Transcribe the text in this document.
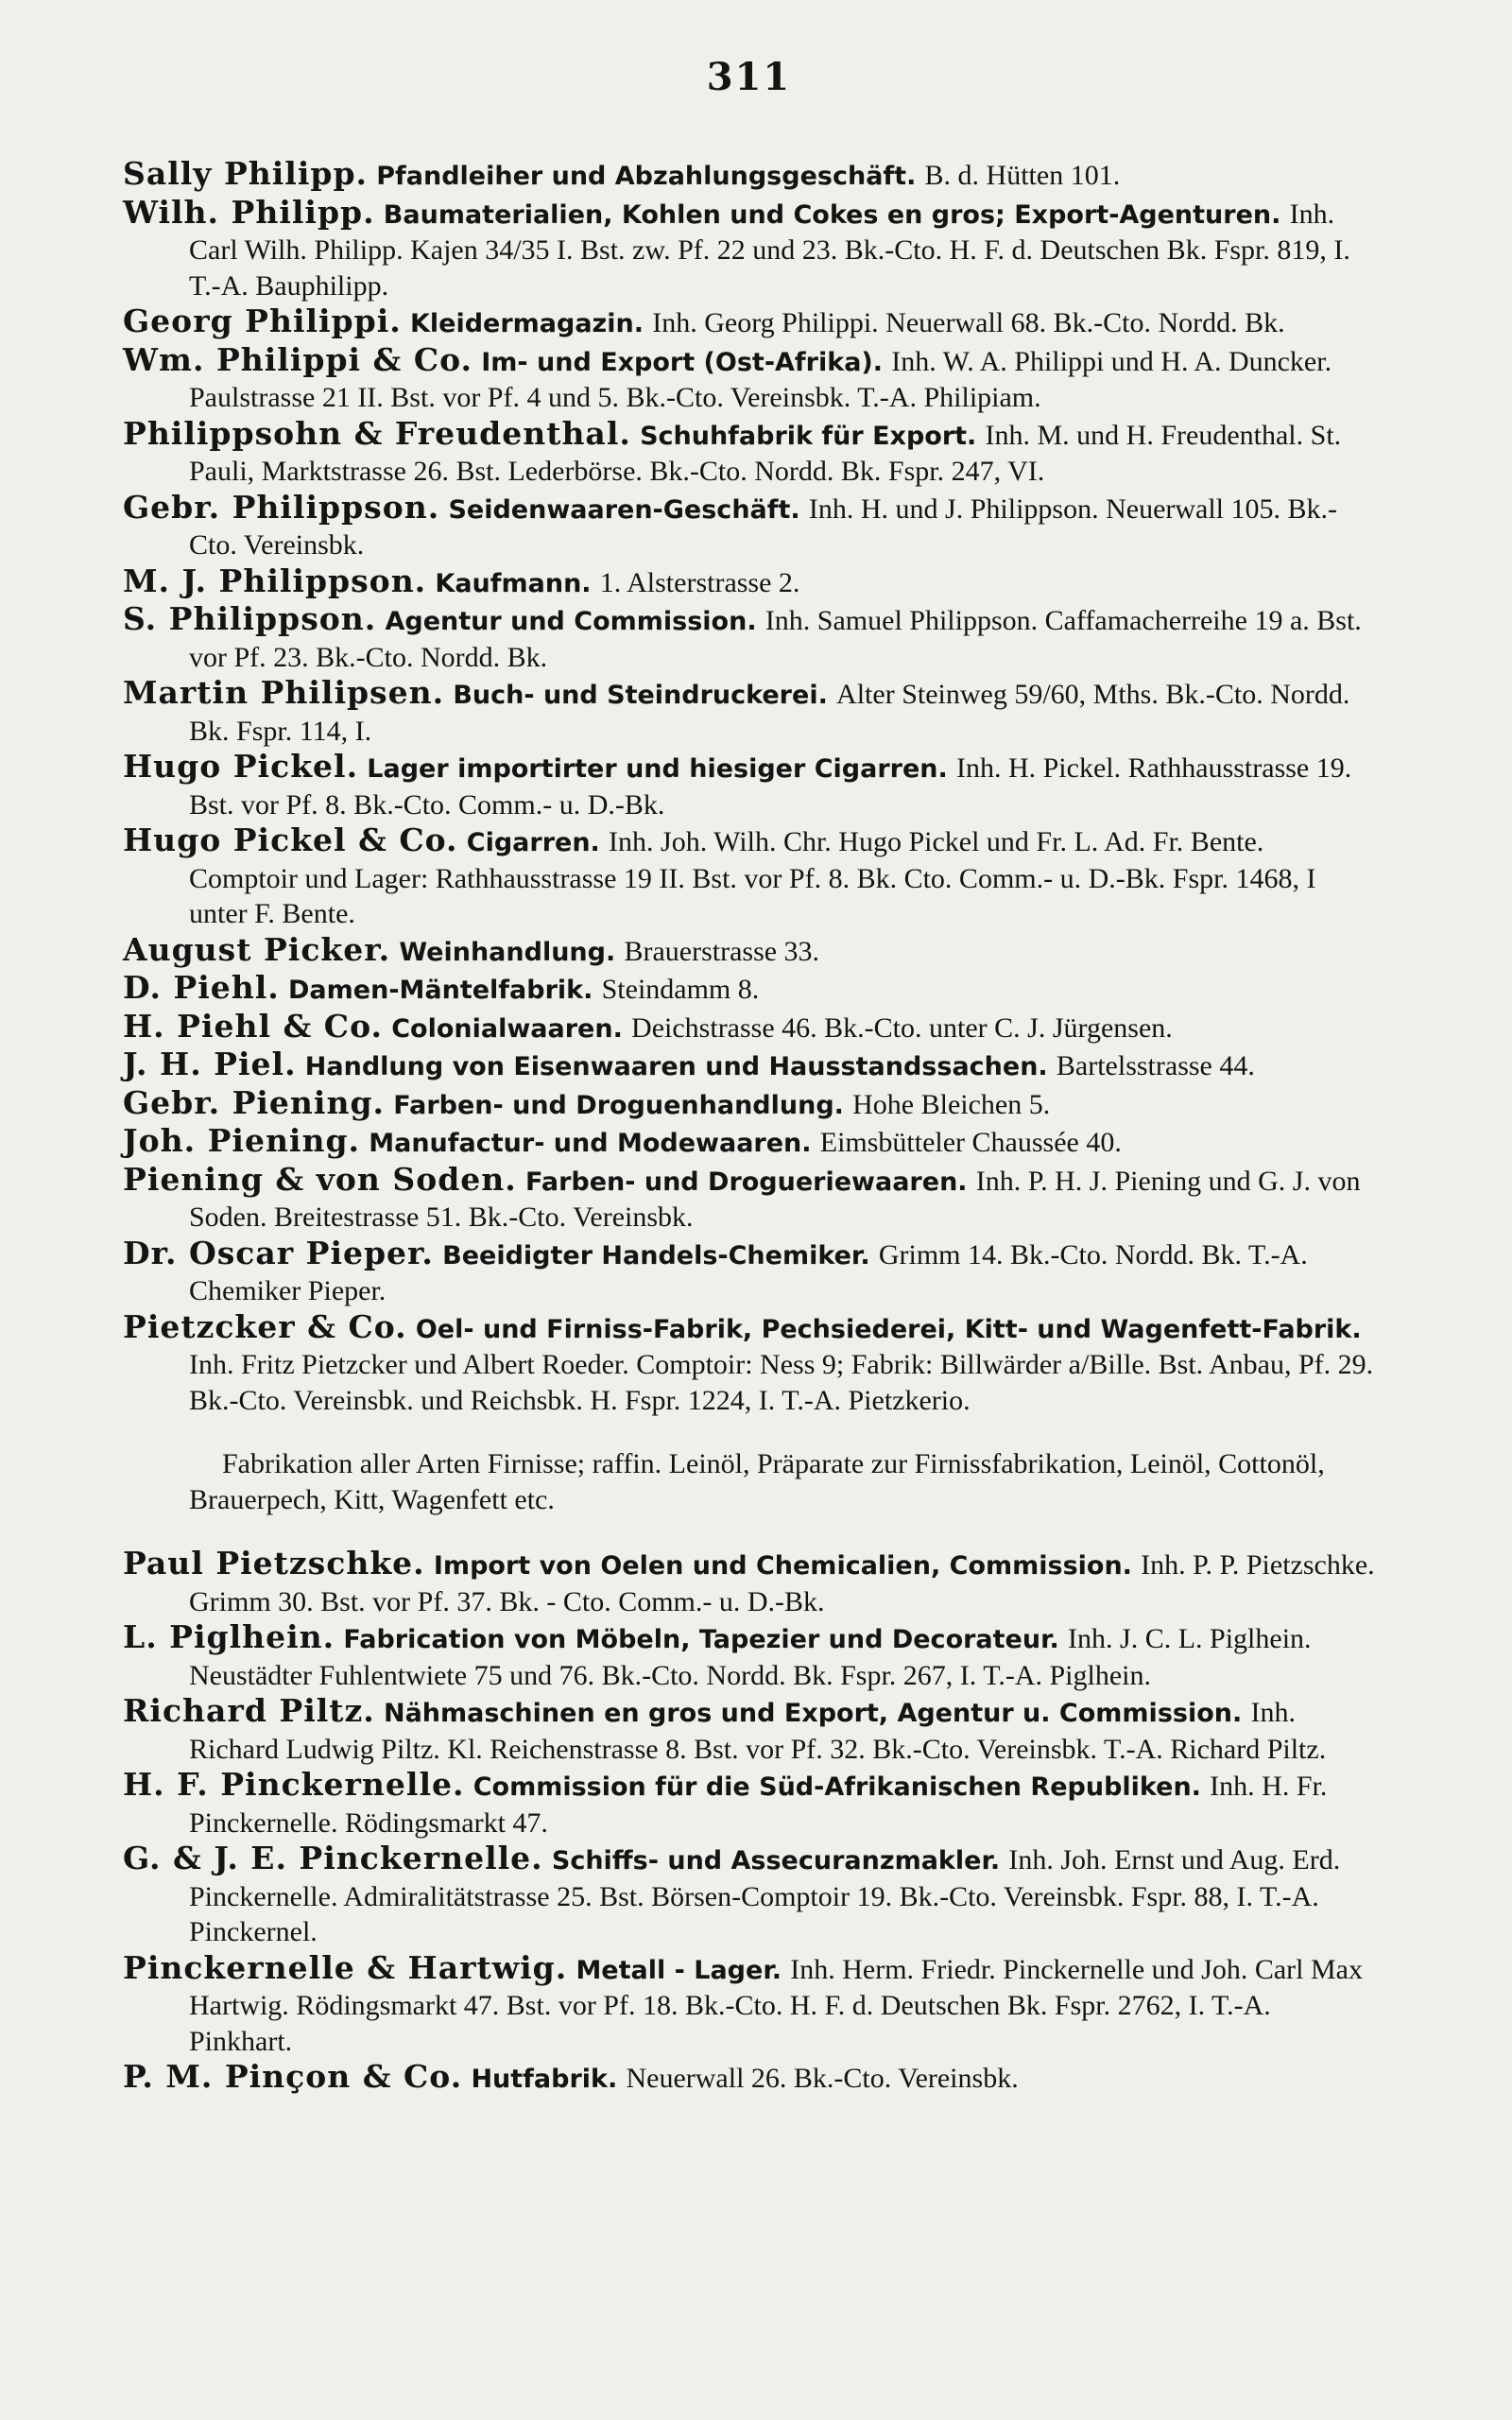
311

Sally Philipp. Pfandleiher und Abzahlungsgeschäft. B. d. Hütten 101.

Wilh. Philipp. Baumaterialien, Kohlen und Cokes en gros; Export-Agenturen. Inh. Carl Wilh. Philipp. Kajen 34/35 I. Bst. zw. Pf. 22 und 23. Bk.-Cto. H. F. d. Deutschen Bk. Fspr. 819, I. T.-A. Bauphilipp.

Georg Philippi. Kleidermagazin. Inh. Georg Philippi. Neuerwall 68. Bk.-Cto. Nordd. Bk.

Wm. Philippi & Co. Im- und Export (Ost-Afrika). Inh. W. A. Philippi und H. A. Duncker. Paulstrasse 21 II. Bst. vor Pf. 4 und 5. Bk.-Cto. Vereinsbk. T.-A. Philipiam.

Philippsohn & Freudenthal. Schuhfabrik für Export. Inh. M. und H. Freudenthal. St. Pauli, Marktstrasse 26. Bst. Lederbörse. Bk.-Cto. Nordd. Bk. Fspr. 247, VI.

Gebr. Philippson. Seidenwaaren-Geschäft. Inh. H. und J. Philippson. Neuerwall 105. Bk.-Cto. Vereinsbk.

M. J. Philippson. Kaufmann. 1. Alsterstrasse 2.

S. Philippson. Agentur und Commission. Inh. Samuel Philippson. Caffamacherreihe 19 a. Bst. vor Pf. 23. Bk.-Cto. Nordd. Bk.

Martin Philipsen. Buch- und Steindruckerei. Alter Steinweg 59/60, Mths. Bk.-Cto. Nordd. Bk. Fspr. 114, I.

Hugo Pickel. Lager importirter und hiesiger Cigarren. Inh. H. Pickel. Rathhausstrasse 19. Bst. vor Pf. 8. Bk.-Cto. Comm.- u. D.-Bk.

Hugo Pickel & Co. Cigarren. Inh. Joh. Wilh. Chr. Hugo Pickel und Fr. L. Ad. Fr. Bente. Comptoir und Lager: Rathhausstrasse 19 II. Bst. vor Pf. 8. Bk. Cto. Comm.- u. D.-Bk. Fspr. 1468, I unter F. Bente.

August Picker. Weinhandlung. Brauerstrasse 33.

D. Piehl. Damen-Mäntelfabrik. Steindamm 8.

H. Piehl & Co. Colonialwaaren. Deichstrasse 46. Bk.-Cto. unter C. J. Jürgensen.

J. H. Piel. Handlung von Eisenwaaren und Hausstandssachen. Bartelsstrasse 44.

Gebr. Piening. Farben- und Droguenhandlung. Hohe Bleichen 5.

Joh. Piening. Manufactur- und Modewaaren. Eimsbütteler Chaussée 40.

Piening & von Soden. Farben- und Drogueriewaaren. Inh. P. H. J. Piening und G. J. von Soden. Breitestrasse 51. Bk.-Cto. Vereinsbk.

Dr. Oscar Pieper. Beeidigter Handels-Chemiker. Grimm 14. Bk.-Cto. Nordd. Bk. T.-A. Chemiker Pieper.

Pietzcker & Co. Oel- und Firniss-Fabrik, Pechsiederei, Kitt- und Wagenfett-Fabrik. Inh. Fritz Pietzcker und Albert Roeder. Comptoir: Ness 9; Fabrik: Billwärder a/Bille. Bst. Anbau, Pf. 29. Bk.-Cto. Vereinsbk. und Reichsbk. H. Fspr. 1224, I. T.-A. Pietzkerio.

Fabrikation aller Arten Firnisse; raffin. Leinöl, Präparate zur Firnissfabrikation, Leinöl, Cottonöl, Brauerpech, Kitt, Wagenfett etc.

Paul Pietzschke. Import von Oelen und Chemicalien, Commission. Inh. P. P. Pietzschke. Grimm 30. Bst. vor Pf. 37. Bk. - Cto. Comm.- u. D.-Bk.

L. Piglhein. Fabrication von Möbeln, Tapezier und Decorateur. Inh. J. C. L. Piglhein. Neustädter Fuhlentwiete 75 und 76. Bk.-Cto. Nordd. Bk. Fspr. 267, I. T.-A. Piglhein.

Richard Piltz. Nähmaschinen en gros und Export, Agentur u. Commission. Inh. Richard Ludwig Piltz. Kl. Reichenstrasse 8. Bst. vor Pf. 32. Bk.-Cto. Vereinsbk. T.-A. Richard Piltz.

H. F. Pinckernelle. Commission für die Süd-Afrikanischen Republiken. Inh. H. Fr. Pinckernelle. Rödingsmarkt 47.

G. & J. E. Pinckernelle. Schiffs- und Assecuranzmakler. Inh. Joh. Ernst und Aug. Erd. Pinckernelle. Admiralitätstrasse 25. Bst. Börsen-Comptoir 19. Bk.-Cto. Vereinsbk. Fspr. 88, I. T.-A. Pinckernel.

Pinckernelle & Hartwig. Metall - Lager. Inh. Herm. Friedr. Pinckernelle und Joh. Carl Max Hartwig. Rödingsmarkt 47. Bst. vor Pf. 18. Bk.-Cto. H. F. d. Deutschen Bk. Fspr. 2762, I. T.-A. Pinkhart.

P. M. Pinçon & Co. Hutfabrik. Neuerwall 26. Bk.-Cto. Vereinsbk.
